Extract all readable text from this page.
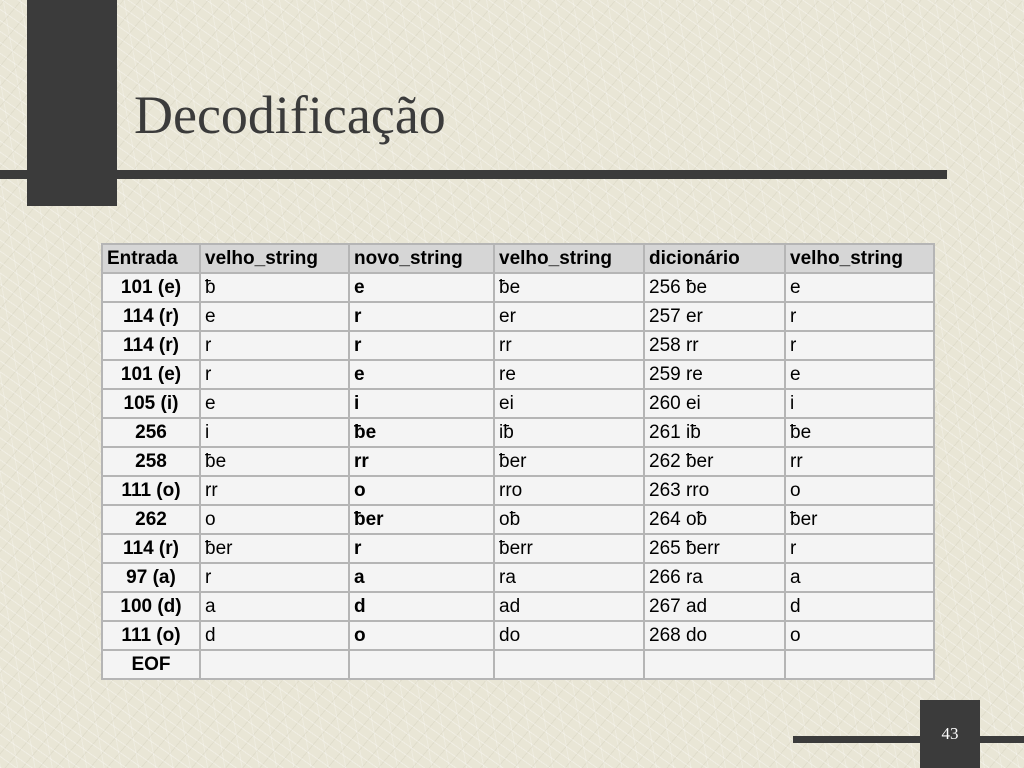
Decodificação
Entrada	velho_string	novo_string	velho_string	dicionário	velho_string
101 (e)	ƀ	e	ƀe	256 ƀe	e
114 (r)	e	r	er	257 er	r
114 (r)	r	r	rr	258 rr	r
101 (e)	r	e	re	259 re	e
105 (i)	e	i	ei	260 ei	i
256	i	ƀe	iƀ	261 iƀ	ƀe
258	ƀe	rr	ƀer	262 ƀer	rr
111 (o)	rr	o	rro	263 rro	o
262	o	ƀer	oƀ	264 oƀ	ƀer
114 (r)	ƀer	r	ƀerr	265 ƀerr	r
97 (a)	r	a	ra	266 ra	a
100 (d)	a	d	ad	267 ad	d
111 (o)	d	o	do	268 do	o
EOF					
43
